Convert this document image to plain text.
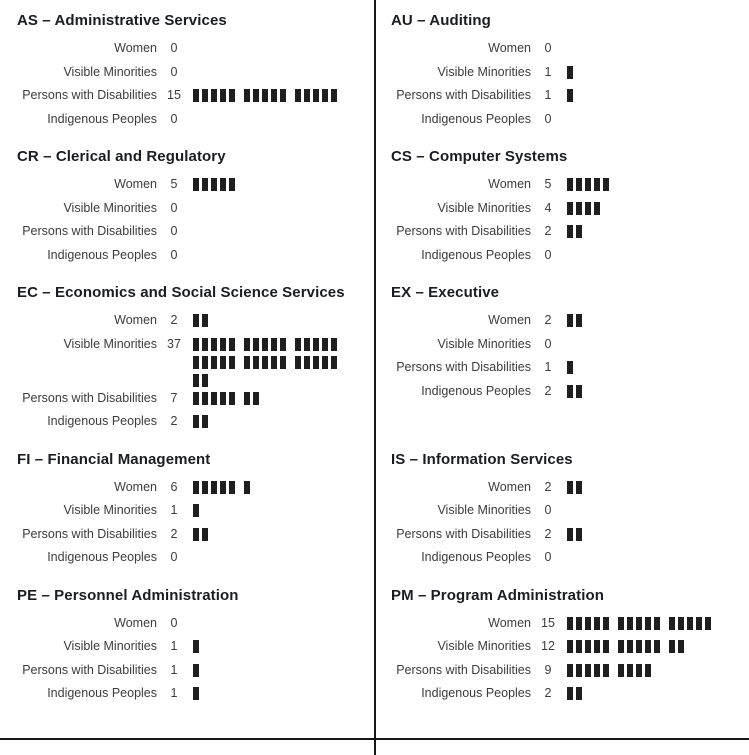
AS – Administrative Services
Women	0
Visible Minorities	0
Persons with Disabilities 15
Indigenous Peoples	0
AU – Auditing
Women	0
Visible Minorities	1
Persons with Disabilities	1
Indigenous Peoples	0
CR – Clerical and Regulatory
Women	5
Visible Minorities	0
Persons with Disabilities	0
Indigenous Peoples	0
CS – Computer Systems
Women	5
Visible Minorities	4
Persons with Disabilities	2
Indigenous Peoples	0
EC – Economics and Social Science Services
Women	2
Visible Minorities 37
Persons with Disabilities	7
Indigenous Peoples	2
EX – Executive
Women	2
Visible Minorities	0
Persons with Disabilities	1
Indigenous Peoples	2
FI – Financial Management
Women	6
Visible Minorities	1
Persons with Disabilities	2
Indigenous Peoples	0
IS – Information Services
Women	2
Visible Minorities	0
Persons with Disabilities	2
Indigenous Peoples	0
PE – Personnel Administration
Women	0
Visible Minorities	1
Persons with Disabilities	1
Indigenous Peoples	1
PM – Program Administration
Women 15
Visible Minorities 12
Persons with Disabilities	9
Indigenous Peoples	2
